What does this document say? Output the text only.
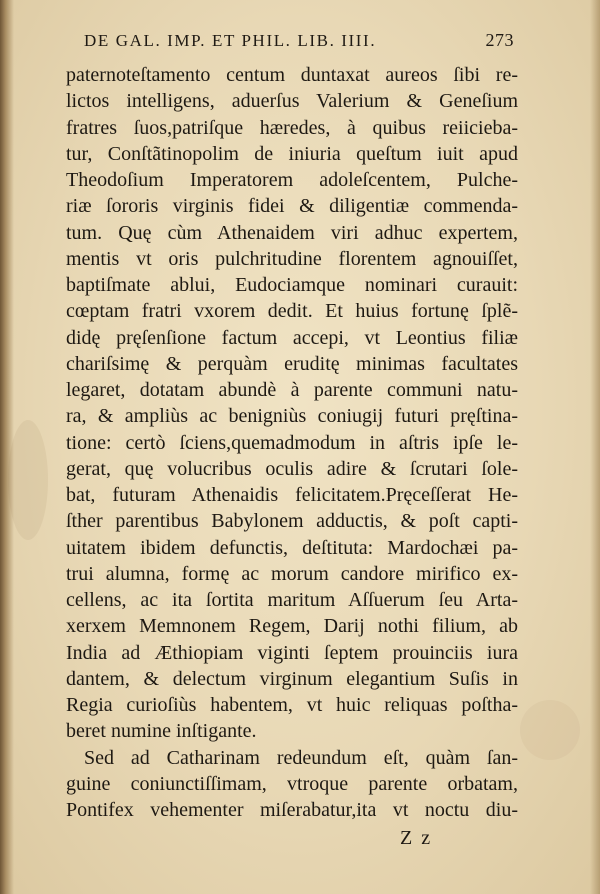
DE GAL. IMP. ET PHIL. LIB. IIII.	273
paternoteſtamento centum duntaxat aureos ſibi re-
lictos intelligens, aduerſus Valerium & Geneſium
fratres ſuos,patriſque hæredes, à quibus reiicieba-
tur, Conſtãtinopolim de iniuria queſtum iuit apud
Theodoſium Imperatorem adoleſcentem, Pulche-
riæ ſororis virginis fidei & diligentiæ commenda-
tum. Quę cùm Athenaidem viri adhuc expertem,
mentis vt oris pulchritudine florentem agnouiſſet,
baptiſmate ablui, Eudociamque nominari curauit:
cœptam fratri vxorem dedit. Et huius fortunę ſplẽ-
didę pręſenſione factum accepi, vt Leontius filiæ
chariſsimę & perquàm eruditę minimas facultates
legaret, dotatam abundè à parente communi natu-
ra, & ampliùs ac benigniùs coniugij futuri pręſtina-
tione: certò ſciens,quemadmodum in aſtris ipſe le-
gerat, quę volucribus oculis adire & ſcrutari ſole-
bat, futuram Athenaidis felicitatem.Pręceſſerat He-
ſther parentibus Babylonem adductis, & poſt capti-
uitatem ibidem defunctis, deſtituta: Mardochæi pa-
trui alumna, formę ac morum candore mirifico ex-
cellens, ac ita ſortita maritum Aſſuerum ſeu Arta-
xerxem Memnonem Regem, Darij nothi filium, ab
India ad Æthiopiam viginti ſeptem prouinciis iura
dantem, & delectum virginum elegantium Suſis in
Regia curioſiùs habentem, vt huic reliquas poſtha-
beret numine inſtigante.
Sed ad Catharinam redeundum eſt, quàm ſan-
guine coniunctiſſimam, vtroque parente orbatam,
Pontifex vehementer miſerabatur,ita vt noctu diu-
Z z
